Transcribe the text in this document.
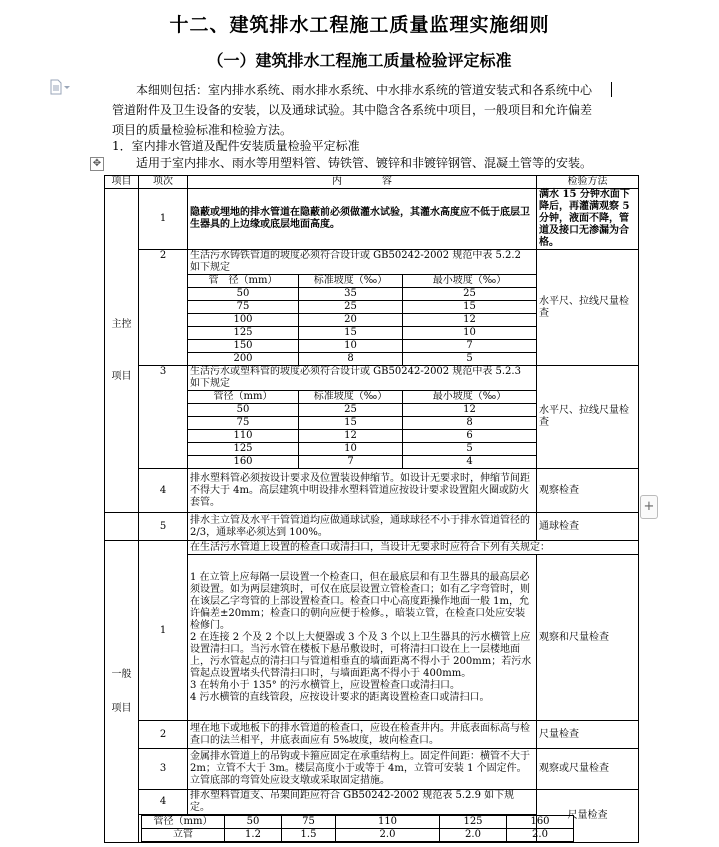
十二、建筑排水工程施工质量监理实施细则
（一）建筑排水工程施工质量检验评定标准
本细则包括：室内排水系统、雨水排水系统、中水排水系统的管道安装式和各系统中心
管道附件及卫生设备的安装，以及通球试验。其中隐含各系统中项目，一般项目和允许偏差
项目的质量检验标准和检验方法。
1．室内排水管道及配件安装质量检验平定标准
适用于室内排水、雨水等用塑料管、铸铁管、镀锌和非镀锌钢管、混凝土管等的安装。
✥
+
项目	项次	内　　　　容	检验方法

主控
项目
	1	隐蔽或埋地的排水管道在隐蔽前必须做灌水试验，其灌水高度应不低于底层卫生器具的上边缘或底层地面高度。	满水 15 分钟水面下降后，再灌满观察 5 分钟，液面不降，管道及接口无渗漏为合格。
2	生活污水铸铁管道的坡度必须符合设计或 GB50242-2002 规范中表 5.2.2 如下规定	水平尺、拉线尺量检查
管　径（mm）	标准坡度（‰）	最小坡度（‰）
50	35	25
75	25	15
100	20	12
125	15	10
150	10	7
200	8	5
3	生活污水或塑料管的坡度必须符合设计或 GB50242-2002 规范中表 5.2.3 如下规定	水平尺、拉线尺量检查
管径（mm）	标准坡度（‰）	最小坡度（‰）
50	25	12
75	15	8
110	12	6
125	10	5
160	7	4
4	排水塑料管必须按设计要求及位置装设伸缩节。如设计无要求时，伸缩节间距不得大于 4m。高层建筑中明设排水塑料管道应按设计要求设置阻火圈或防火套管。	观察检查
	5	排水主立管及水平干管管道均应做通球试验，通球球径不小于排水管道管径的 2/3，通球率必须达到 100%。	通球检查

一般
项目
	1	在生活污水管道上设置的检查口或清扫口，当设计无要求时应符合下列有关规定：
1 在立管上应每隔一层设置一个检查口，但在最底层和有卫生器具的最高层必须设置。如为两层建筑时，可仅在底层设置立管检查口；如有乙字弯管时，则在该层乙字弯管的上部设置检查口。检查口中心高度距操作地面一般 1m，允许偏差±20mm；检查口的朝向应便于检修。，暗装立管，在检查口处应安装检修门。
2 在连接 2 个及 2 个以上大便器或 3 个及 3 个以上卫生器具的污水横管上应设置清扫口。当污水管在楼板下悬吊敷设时，可将清扫口设在上一层楼地面上，污水管起点的清扫口与管道相垂直的墙面距离不得小于 200mm；若污水管起点设置堵头代替清扫口时，与墙面距离不得小于 400mm。
3 在转角小于 135° 的污水横管上，应设置检查口或清扫口。
4 污水横管的直线管段，应按设计要求的距离设置检查口或清扫口。	观察和尺量检查
2	埋在地下或地板下的排水管道的检查口，应设在检查井内。井底表面标高与检查口的法兰相平，井底表面应有 5%坡度，坡向检查口。	尺量检查
3	金属排水管道上的吊钩或卡箍应固定在承重结构上。固定件间距：横管不大于 2m；立管不大于 3m。楼层高度小于或等于 4m，立管可安装 1 个固定件。立管底部的弯管处应设支墩或采取固定措施。	观察或尺量检查
4	排水塑料管道支、吊架间距应符合 GB50242-2002 规范表 5.2.9 如下规定。	尺量检查

管径（mm）	50	75	110	125	160
立管	1.2	1.5	2.0	2.0	2.0
